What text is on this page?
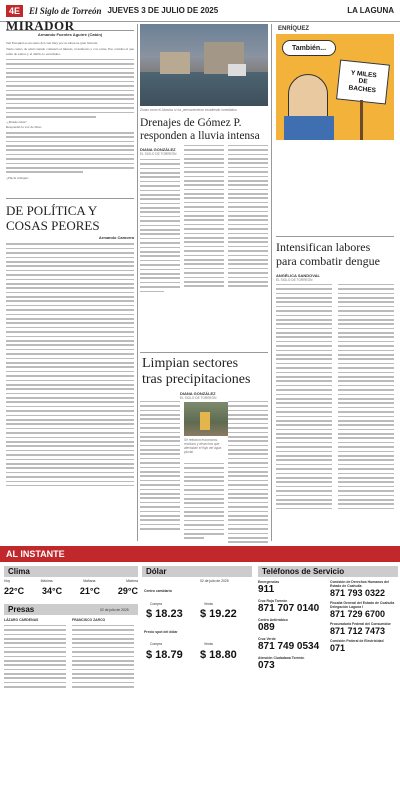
4E	El Siglo de Torreón JUEVES 3 DE JULIO DE 2025	LA LAGUNA
MIRADOR
Armando Fuentes Aguirre (Catón)
San Ezequiel es un santo del cual muy pocos saben su gran historia.
Tenía cuatro de edad cuando comenzó el mundo, al demonio y a la carne. Eso contaba el que sabía de santos y el diablo lo escuchaba.
-¿Dónde estás?
Respondió la voz de Dios:
-¡Hacia trabajar!.
DE POLÍTICA Y
COSAS PEORES
Armando Camorra
Zonas como el Abastos sí ha, permanecieron invadiendo inmediatos.
Drenajes de Gómez P.
responden a lluvia intensa
DIANA GONZÁLEZ
EL SIGLO DE TORREÓN
Limpian sectores
tras precipitaciones
DIANA GONZÁLEZ
EL SIGLO DE TORREÓN
Se retiraron escombros, residuos y desechos que afectaban el flujo del agua pluvial.
ENRÍQUEZ
También...
Y MILES
DE
BACHES
Intensifican labores
para combatir dengue
ANGÉLICA SANDOVAL
EL SIGLO DE TORREÓN
AL INSTANTE
Clima
Hoy	Máxima	Mañana	Máxima
22°C 34°C 21°C 29°C
Presas
LÁZARO CÁRDENAS	FRANCISCO ZARCO
02 de julio de 2025
Dólar
02 de julio de 2025
Centro cambiario
Compra	Venta
$ 18.23 $ 19.22
Precio spot del dólar
Compra	Venta
$ 18.79 $ 18.80
Teléfonos de Servicio
Emergencias
911
Cruz Roja Torreón
871 707 0140
Centro Antirrábico
089
Cruz Verde
871 749 0534
Atención Ciudadana Torreón
073
Comisión de Derechos Humanos del Estado de Coahuila
871 793 0322
Fiscalía General del Estado de Coahuila Delegación Laguna I
871 729 6700
Procuraduría Federal del Consumidor
871 712 7473
Comisión Federal de Electricidad
071
